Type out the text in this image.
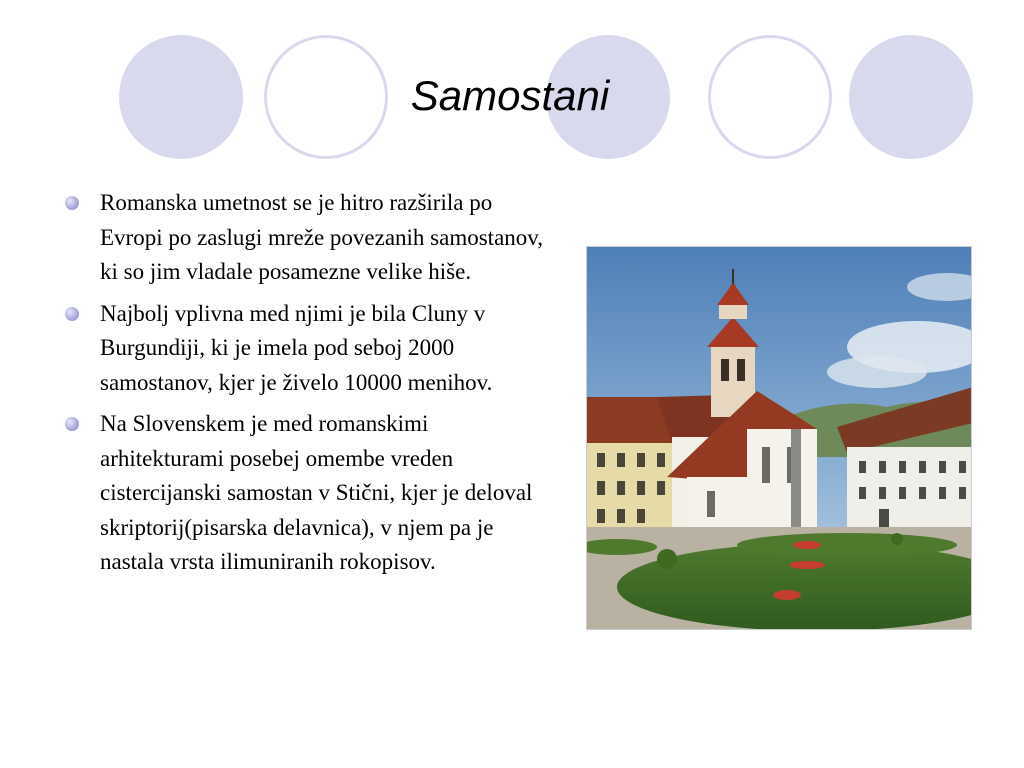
Samostani
Romanska umetnost se je hitro razširila po Evropi po zaslugi mreže povezanih samostanov, ki so jim vladale posamezne velike hiše.
Najbolj vplivna med njimi je bila Cluny v Burgundiji, ki je imela pod seboj 2000 samostanov, kjer je živelo 10000 menihov.
Na Slovenskem je med romanskimi arhitekturami posebej omembe vreden cistercijanski samostan v Stični, kjer je deloval skriptorij(pisarska delavnica), v njem pa je nastala vrsta ilimuniranih rokopisov.
